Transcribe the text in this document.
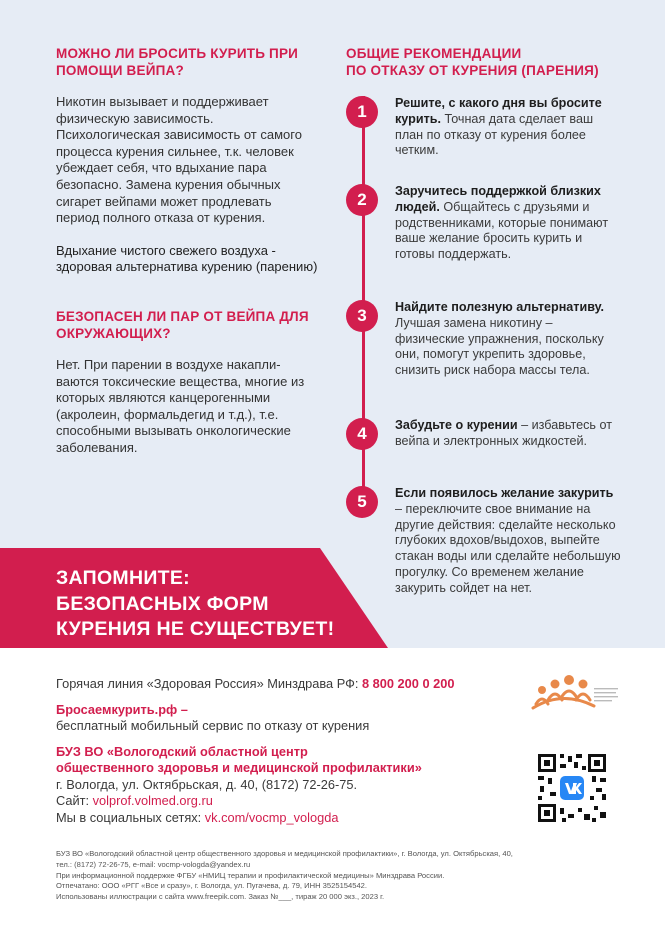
МОЖНО ЛИ БРОСИТЬ КУРИТЬ ПРИ ПОМОЩИ ВЕЙПА?

Никотин вызывает и поддерживает физическую зависимость. Психологическая зависимость от самого процесса курения сильнее, т.к. человек убеждает себя, что вдыхание пара безопасно. Замена курения обычных сигарет вейпами может продлевать период полного отказа от курения.

Вдыхание чистого свежего воздуха - здоровая альтернатива курению (парению)

БЕЗОПАСЕН ЛИ ПАР ОТ ВЕЙПА ДЛЯ ОКРУЖАЮЩИХ?

Нет. При парении в воздухе накапли-ваются токсические вещества, многие из которых являются канцерогенными (акролеин, формальдегид и т.д.), т.е. способными вызывать онкологические заболевания.

ОБЩИЕ РЕКОМЕНДАЦИИ
ПО ОТКАЗУ ОТ КУРЕНИЯ (ПАРЕНИЯ)
1	Решите, с какого дня вы бросите курить. Точная дата сделает ваш план по отказу от курения более четким.
2	Заручитесь поддержкой близких людей. Общайтесь с друзьями и родственниками, которые понимают ваше желание бросить курить и готовы поддержать.
3	Найдите полезную альтернативу. Лучшая замена никотину – физические упражнения, поскольку они, помогут укрепить здоровье, снизить риск набора массы тела.
4	Забудьте о курении – избавьтесь от вейпа и электронных жидкостей.
5	Если появилось желание закурить – переключите свое внимание на другие действия: сделайте несколько глубоких вдохов/выдохов, выпейте стакан воды или сделайте небольшую прогулку. Со временем желание закурить сойдет на нет.
ЗАПОМНИТЕ:
БЕЗОПАСНЫХ ФОРМ
КУРЕНИЯ НЕ СУЩЕСТВУЕТ!
Горячая линия «Здоровая Россия» Минздрава РФ: 8 800 200 0 200
Бросаемкурить.рф –
бесплатный мобильный сервис по отказу от курения
БУЗ ВО «Вологодский областной центр
общественного здоровья и медицинской профилактики»
г. Вологда, ул. Октябрьская, д. 40, (8172) 72-26-75.
Сайт: volprof.volmed.org.ru
Мы в социальных сетях: vk.com/vocmp_vologda
БУЗ ВО «Вологодский областной центр общественного здоровья и медицинской профилактики», г. Вологда, ул. Октябрьская, 40,
тел.: (8172) 72-26-75, e-mail: vocmp-vologda@yandex.ru
При информационной поддержке ФГБУ «НМИЦ терапии и профилактической медицины» Минздрава России.
Отпечатано: ООО «РГГ «Все и сразу», г. Вологда, ул. Пугачева, д. 79, ИНН 3525154542.
Использованы иллюстрации с сайта www.freepik.com. Заказ №___, тираж 20 000 экз., 2023 г.
